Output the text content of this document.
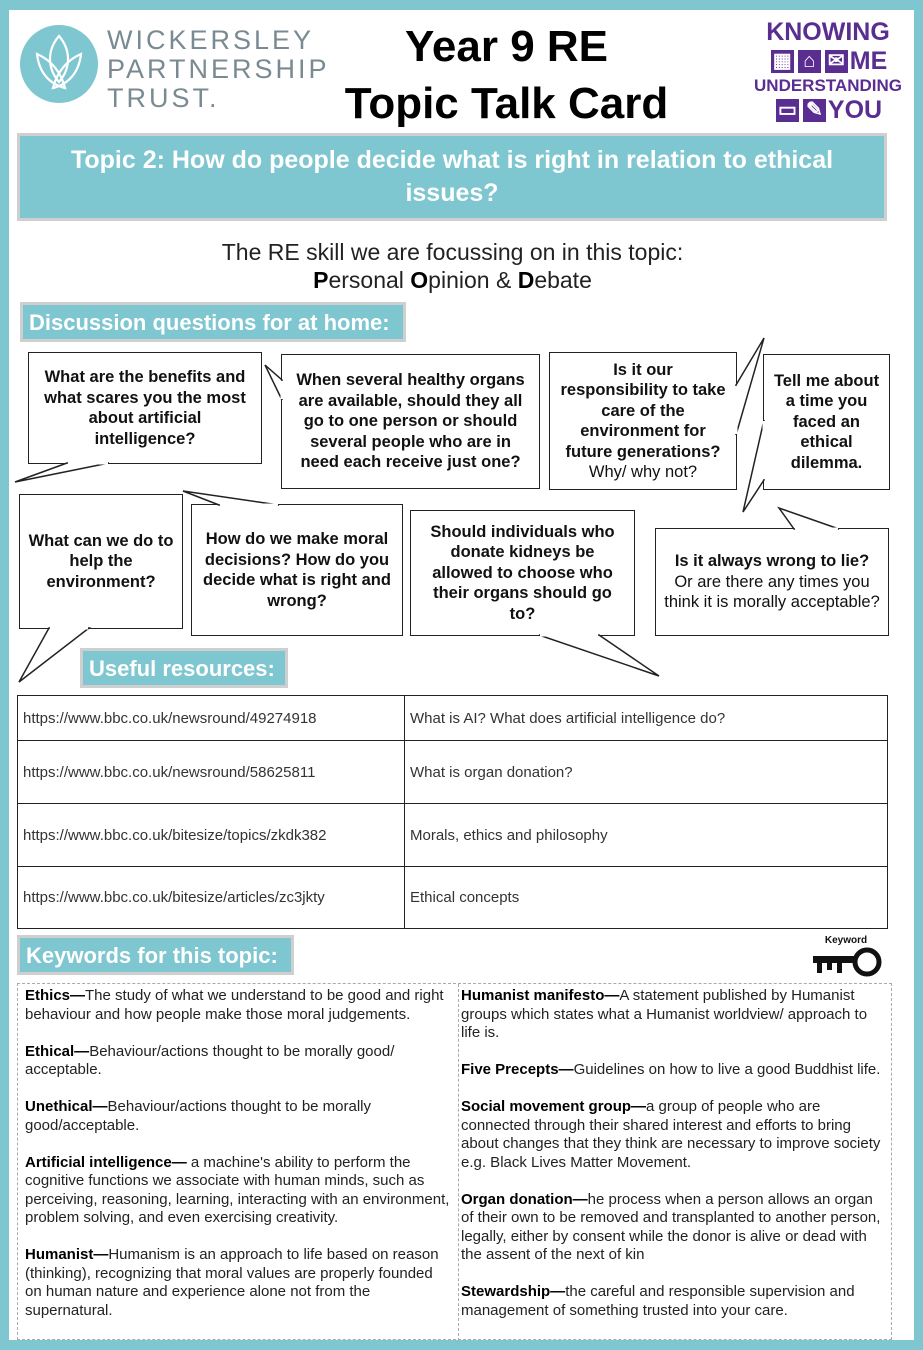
WICKERSLEY
PARTNERSHIP
TRUST.
Year 9 RE
Topic Talk Card
KNOWING
▦ ⌂ ✉ ME
UNDERSTANDING
▭ ✎ YOU
Topic 2: How do people decide what is right in relation to ethical issues?
The RE skill we are focussing on in this topic:
Personal Opinion & Debate
Discussion questions for at home:
What are the benefits and what scares you the most about artificial intelligence?
When several healthy organs are available, should they all go to one person or should several people who are in need each receive just one?
Is it our responsibility to take care of the environment for future generations? Why/ why not?
Tell me about a time you faced an ethical dilemma.
What can we do to help the environment?
How do we make moral decisions? How do you decide what is right and wrong?
Should individuals who donate kidneys be allowed to choose who their organs should go to?
Is it always wrong to lie? Or are there any times you think it is morally acceptable?
Useful resources:
https://www.bbc.co.uk/newsround/49274918	What is AI? What does artificial intelligence do?
https://www.bbc.co.uk/newsround/58625811	What is organ donation?
https://www.bbc.co.uk/bitesize/topics/zkdk382	Morals, ethics and philosophy
https://www.bbc.co.uk/bitesize/articles/zc3jkty	Ethical concepts
Keywords for this topic:
Keyword

Ethics—The study of what we understand to be good and right behaviour and how people make those moral judgements.

Ethical—Behaviour/actions thought to be morally good/ acceptable.

Unethical—Behaviour/actions thought to be morally good/acceptable.

Artificial intelligence— a machine's ability to perform the cognitive functions we associate with human minds, such as perceiving, reasoning, learning, interacting with an environment, problem solving, and even exercising creativity.

Humanist—Humanism is an approach to life based on reason (thinking), recognizing that moral values are properly founded on human nature and experience alone not from the supernatural.

Humanist manifesto—A statement published by Humanist groups which states what a Humanist worldview/ approach to life is.

Five Precepts—Guidelines on how to live a good Buddhist life.

Social movement group—a group of people who are connected through their shared interest and efforts to bring about changes that they think are necessary to improve society e.g. Black Lives Matter Movement.

Organ donation—he process when a person allows an organ of their own to be removed and transplanted to another person, legally, either by consent while the donor is alive or dead with the assent of the next of kin

Stewardship—the careful and responsible supervision and management of something trusted into your care.
